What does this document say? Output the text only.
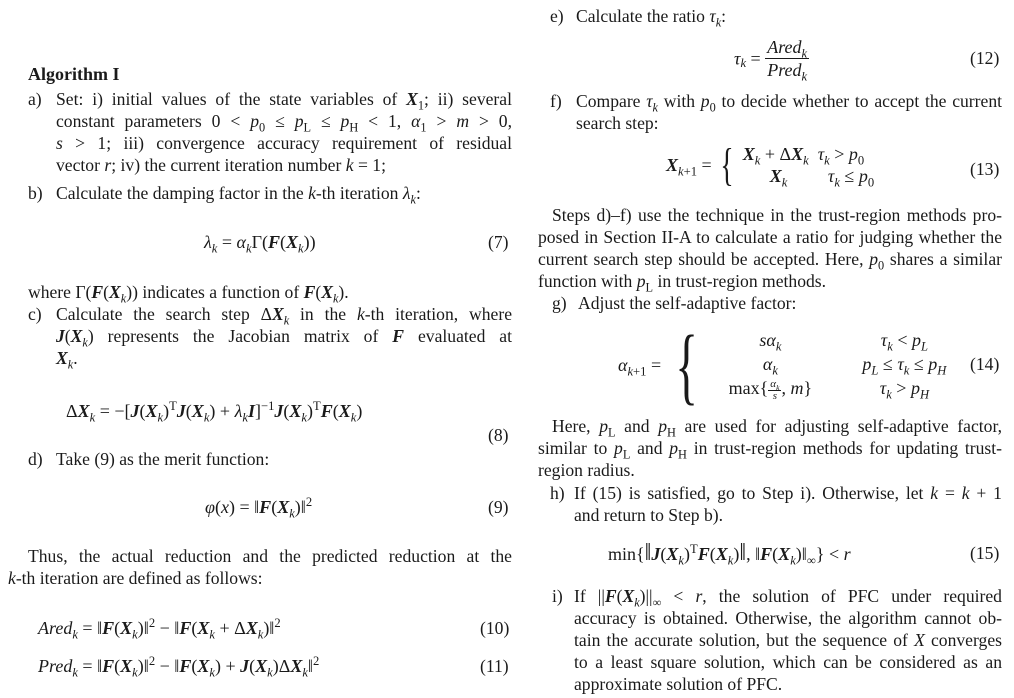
Algorithm I
a) Set: i) initial values of the state variables of $X_1$; ii) several
constant parameters $0 < p_0 \le p_L \le p_H < 1$, $\alpha_1 > m > 0$,
s > 1; iii) convergence accuracy requirement of residual
vector r; iv) the current iteration number k = 1;
b) Calculate the damping factor in the k-th iteration $\lambda_k$:
$\lambda_k = \alpha_k\Gamma(F(X_k))$	(7)
where $\Gamma(F(X_k))$ indicates a function of $F(X_k)$.
c) Calculate the search step $\Delta X_k$ in the k-th iteration, where
$J(X_k)$ represents the Jacobian matrix of F evaluated at
$X_k$.
$\Delta X_k = -[J(X_k)^TJ(X_k) + \lambda_kI]^{-1}J(X_k)^TF(X_k)$
(8)
d) Take (9) as the merit function:
$\varphi(x) = ‖F(X_k)‖^2$	(9)
Thus, the actual reduction and the predicted reduction at the
k-th iteration are defined as follows:
Ared$_k$ = $‖F(X_k)‖^2$ − $‖F(X_k$ + $\Delta X_k)‖^2$	(10)
Pred$_k$ = $‖F(X_k)‖^2$ − $‖F(X_k)$ + $J(X_k)\Delta X_k‖^2$	(11)
e) Calculate the ratio $\tau_k$:
$\tau_k = \frac{Ared_k}{Pred_k}$	(12)
f) Compare $\tau_k$ with $p_0$ to decide whether to accept the current
search step:
$X_{k+1}$ = { $X_k + \Delta X_k$ $\tau_k > p_0$
$X_k$ $\tau_k \le p_0$
(13)
Steps d)–f) use the technique in the trust-region methods pro-
posed in Section II-A to calculate a ratio for judging whether the
current search step should be accepted. Here, $p_0$ shares a similar
function with $p_L$ in trust-region methods.
g) Adjust the self-adaptive factor:
$\alpha_{k+1}$ = {	$s\alpha_k$	$\tau_k < p_L$
$\alpha_k$	$p_L \le \tau_k \le p_H$
$\max\{ \frac{\alpha_k}{s}$ , m}	$\tau_k > p_H$
(14)
Here, $p_L$ and $p_H$ are used for adjusting self-adaptive factor,
similar to $p_L$ and $p_H$ in trust-region methods for updating trust-
region radius.
h) If (15) is satisfied, go to Step i). Otherwise, let k = k + 1
and return to Step b).
$\min\{‖J(X_k)^TF(X_k)‖$, $‖F(X_k)‖_\infty\} < r$	(15)
i) If $||F(X_k)||_\infty < r$, the solution of PFC under required
accuracy is obtained. Otherwise, the algorithm cannot ob-
tain the accurate solution, but the sequence of X converges
to a least square solution, which can be considered as an
approximate solution of PFC.
